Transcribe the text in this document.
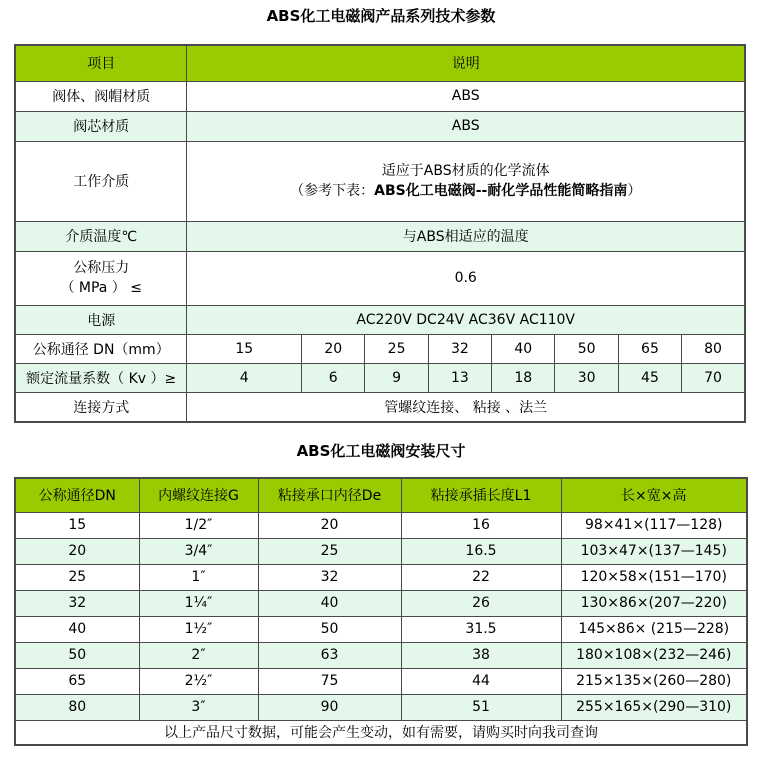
ABS化工电磁阀产品系列技术参数
项目	说明							
阀体、阀帽材质	ABS							
阀芯材质	ABS							
工作介质	适应于ABS材质的化学流体
（参考下表：ABS化工电磁阀--耐化学品性能简略指南）							

介质温度℃	与ABS相适应的温度							

公称压力
（ MPa ） ≤	0.6							
电源	AC220V DC24V AC36V AC110V							
公称通径 DN（mm）	15	20	25	32	40	50	65	80
额定流量系数（ Kv ）≥	4	6	9	13	18	30	45	70
连接方式	管螺纹连接、 粘接 、法兰							
ABS化工电磁阀安装尺寸
公称通径DN	内螺纹连接G	粘接承口内径De	粘接承插长度L1	长×宽×高
15	1/2″	20	16	98×41×(117—128)
20	3/4″	25	16.5	103×47×(137—145)
25	1″	32	22	120×58×(151—170)
32	1¼″	40	26	130×86×(207—220)
40	1½″	50	31.5	145×86× (215—228)
50	2″	63	38	180×108×(232—246)
65	2½″	75	44	215×135×(260—280)
80	3″	90	51	255×165×(290—310)
以上产品尺寸数据，可能会产生变动，如有需要，请购买时向我司查询				
